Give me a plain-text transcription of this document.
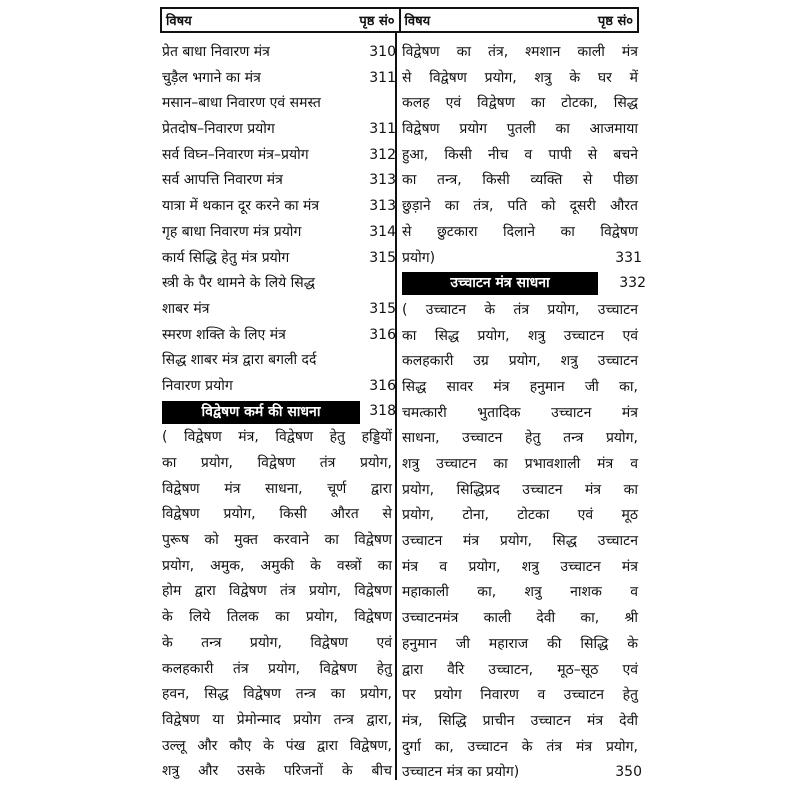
विषय	पृष्ठ सं० विषय	पृष्ठ सं०
प्रेत बाधा निवारण मंत्र	310
चुड़ैल भगाने का मंत्र	311
मसान–बाधा निवारण एवं समस्त
प्रेतदोष–निवारण प्रयोग	311
सर्व विघ्न–निवारण मंत्र–प्रयोग	312
सर्व आपत्ति निवारण मंत्र	313
यात्रा में थकान दूर करने का मंत्र	313
गृह बाधा निवारण मंत्र प्रयोग	314
कार्य सिद्धि हेतु मंत्र प्रयोग	315
स्त्री के पैर थामने के लिये सिद्ध
शाबर मंत्र	315
स्मरण शक्ति के लिए मंत्र	316
सिद्ध शाबर मंत्र द्वारा बगली दर्द
निवारण प्रयोग	316
विद्वेषण कर्म की साधना	318
( विद्वेषण मंत्र, विद्वेषण हेतु हड्डियों
का प्रयोग, विद्वेषण तंत्र प्रयोग,
विद्वेषण मंत्र साधना, चूर्ण द्वारा
विद्वेषण प्रयोग, किसी औरत से
पुरूष को मुक्त करवाने का विद्वेषण
प्रयोग, अमुक, अमुकी के वस्त्रों का
होम द्वारा विद्वेषण तंत्र प्रयोग, विद्वेषण
के लिये तिलक का प्रयोग, विद्वेषण
के तन्त्र प्रयोग, विद्वेषण एवं
कलहकारी तंत्र प्रयोग, विद्वेषण हेतु
हवन, सिद्ध विद्वेषण तन्त्र का प्रयोग,
विद्वेषण या प्रेमोन्माद प्रयोग तन्त्र द्वारा,
उल्लू और कौए के पंख द्वारा विद्वेषण,
शत्रु और उसके परिजनों के बीच
विद्वेषण का तंत्र, श्मशान काली मंत्र
से विद्वेषण प्रयोग, शत्रु के घर में
कलह एवं विद्वेषण का टोटका, सिद्ध
विद्वेषण प्रयोग पुतली का आजमाया
हुआ, किसी नीच व पापी से बचने
का तन्त्र, किसी व्यक्ति से पीछा
छुड़ाने का तंत्र, पति को दूसरी औरत
से छुटकारा दिलाने का विद्वेषण
प्रयोग)	331
उच्चाटन मंत्र साधना	332
( उच्चाटन के तंत्र प्रयोग, उच्चाटन
का सिद्ध प्रयोग, शत्रु उच्चाटन एवं
कलहकारी उग्र प्रयोग, शत्रु उच्चाटन
सिद्ध सावर मंत्र हनुमान जी का,
चमत्कारी भुतादिक उच्चाटन मंत्र
साधना, उच्चाटन हेतु तन्त्र प्रयोग,
शत्रु उच्चाटन का प्रभावशाली मंत्र व
प्रयोग, सिद्धिप्रद उच्चाटन मंत्र का
प्रयोग, टोना, टोटका एवं मूठ
उच्चाटन मंत्र प्रयोग, सिद्ध उच्चाटन
मंत्र व प्रयोग, शत्रु उच्चाटन मंत्र
महाकाली का, शत्रु नाशक व
उच्चाटनमंत्र काली देवी का, श्री
हनुमान जी महाराज की सिद्धि के
द्वारा वैरि उच्चाटन, मूठ–सूठ एवं
पर प्रयोग निवारण व उच्चाटन हेतु
मंत्र, सिद्धि प्राचीन उच्चाटन मंत्र देवी
दुर्गा का, उच्चाटन के तंत्र मंत्र प्रयोग,
उच्चाटन मंत्र का प्रयोग)	350
